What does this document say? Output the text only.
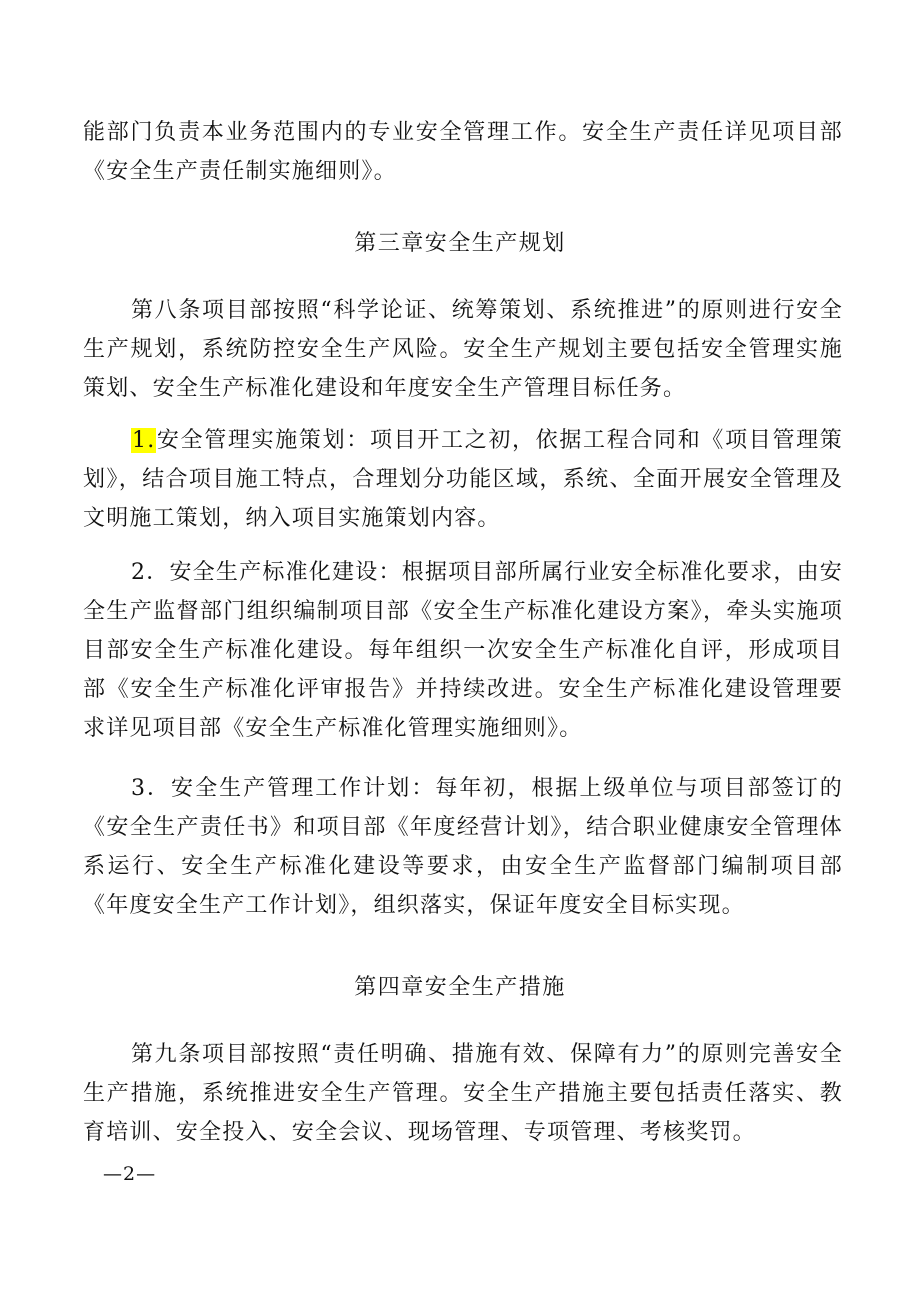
能部门负责本业务范围内的专业安全管理工作。安全生产责任详见项目部《安全生产责任制实施细则》。

第三章安全生产规划

第八条项目部按照“科学论证、统筹策划、系统推进”的原则进行安全生产规划，系统防控安全生产风险。安全生产规划主要包括安全管理实施策划、安全生产标准化建设和年度安全生产管理目标任务。

1.安全管理实施策划：项目开工之初，依据工程合同和《项目管理策划》，结合项目施工特点，合理划分功能区域，系统、全面开展安全管理及文明施工策划，纳入项目实施策划内容。

2．安全生产标准化建设：根据项目部所属行业安全标准化要求，由安全生产监督部门组织编制项目部《安全生产标准化建设方案》，牵头实施项目部安全生产标准化建设。每年组织一次安全生产标准化自评，形成项目部《安全生产标准化评审报告》并持续改进。安全生产标准化建设管理要求详见项目部《安全生产标准化管理实施细则》。

3．安全生产管理工作计划：每年初，根据上级单位与项目部签订的《安全生产责任书》和项目部《年度经营计划》，结合职业健康安全管理体系运行、安全生产标准化建设等要求，由安全生产监督部门编制项目部《年度安全生产工作计划》，组织落实，保证年度安全目标实现。

第四章安全生产措施

第九条项目部按照“责任明确、措施有效、保障有力”的原则完善安全生产措施，系统推进安全生产管理。安全生产措施主要包括责任落实、教育培训、安全投入、安全会议、现场管理、专项管理、考核奖罚。

—2—
